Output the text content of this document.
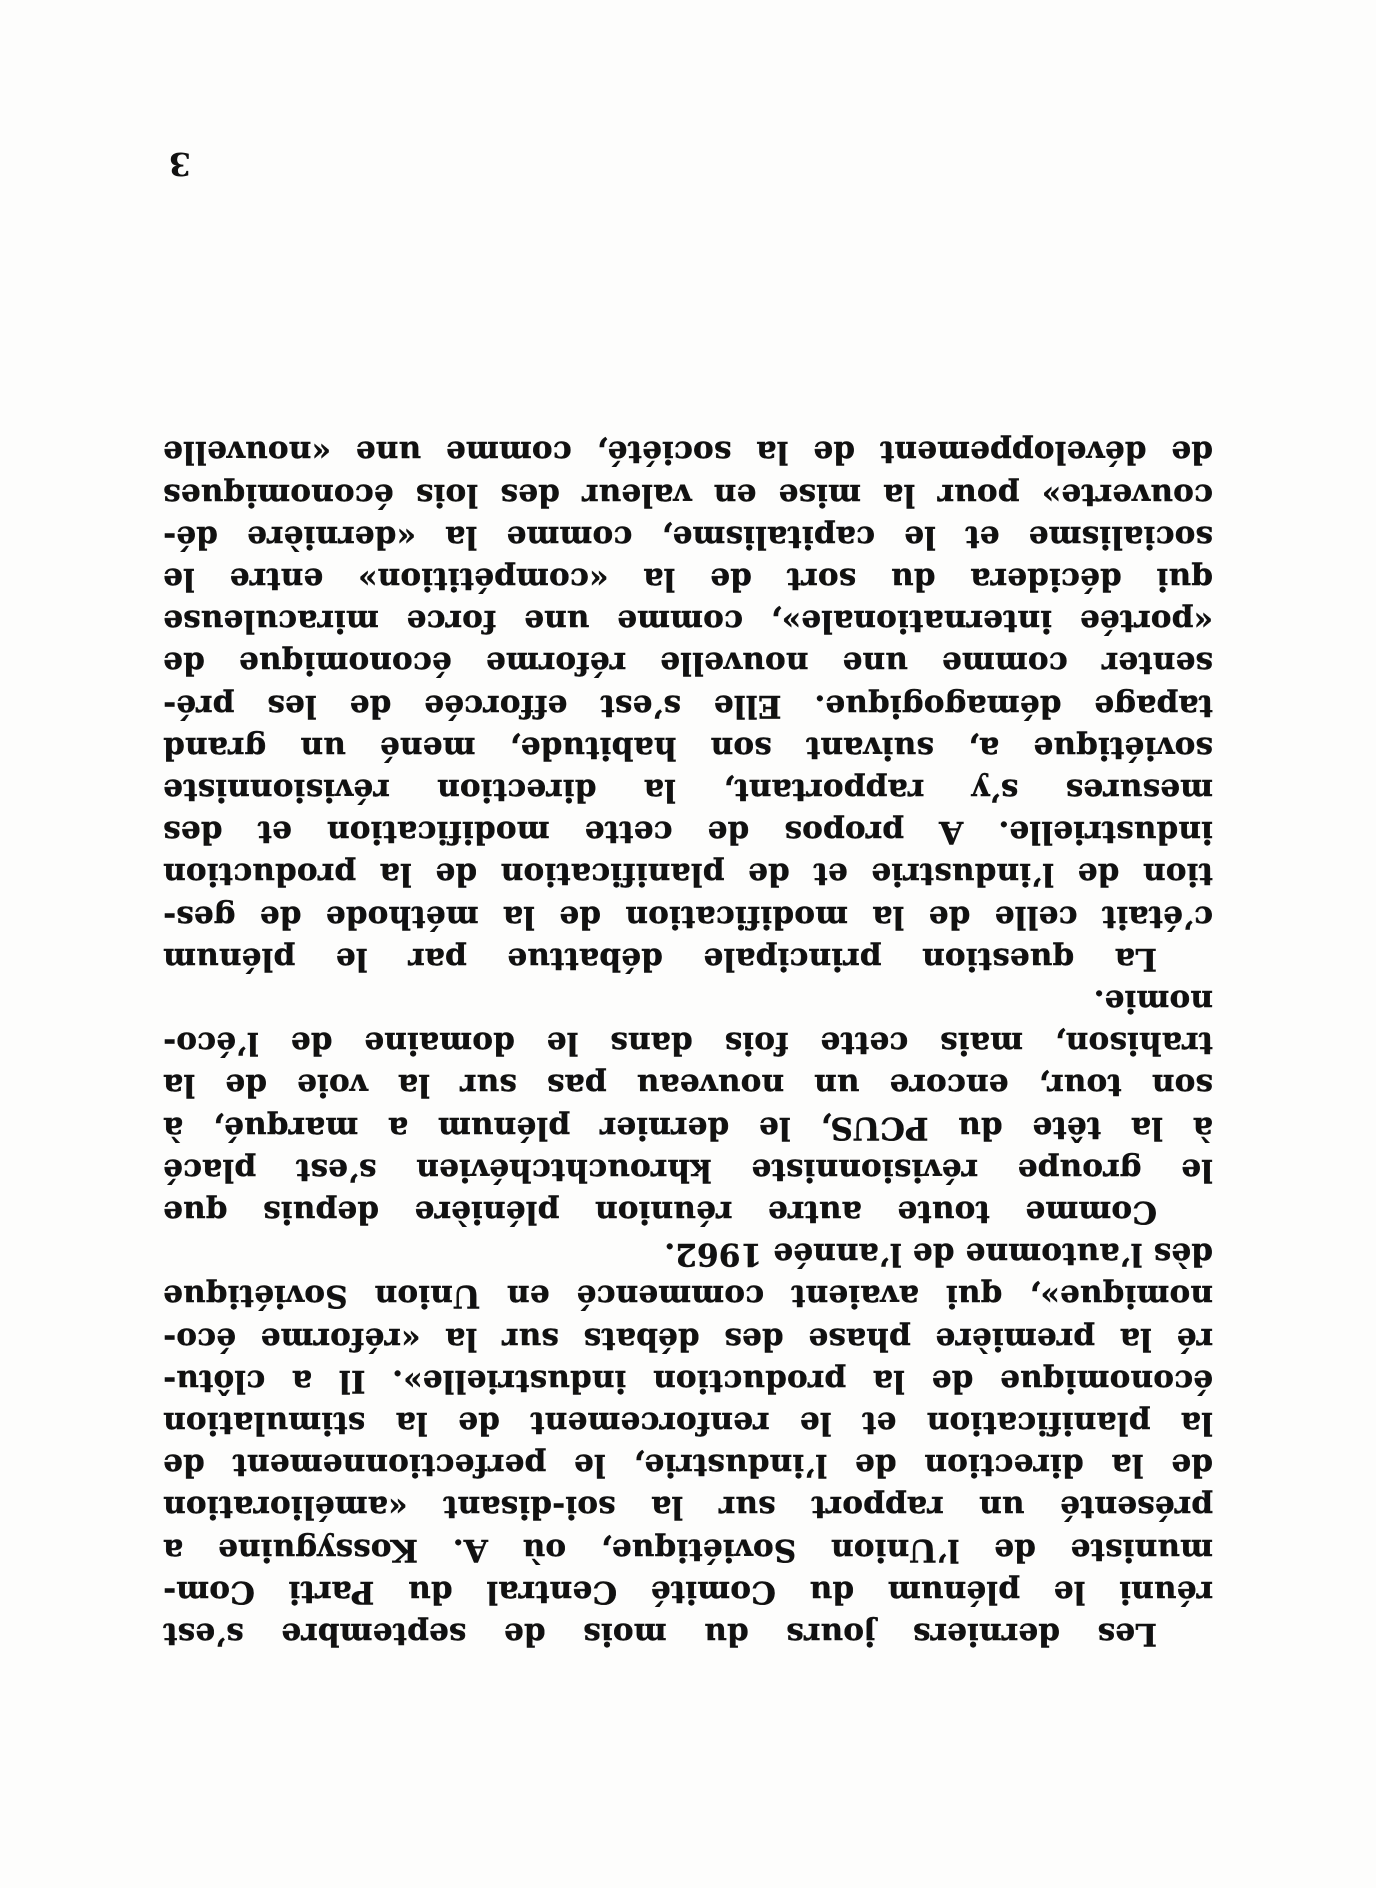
Les derniers jours du mois de septembre s’est
réuni le plénum du Comité Central du Parti Com-
muniste de l’Union Soviétique, où A. Kossyguine a
présenté un rapport sur la soi-disant «amélioration
de la direction de l’industrie, le perfectionnement de
la planification et le renforcement de la stimulation
économique de la production industrielle». Il a clôtu-
ré la première phase des débats sur la «réforme éco-
nomique», qui avaient commencé en Union Soviétique
dès l’automne de l’année 1962.
Comme toute autre réunion plénière depuis que
le groupe révisionniste khrouchtchévien s’est placé
à la tête du PCUS, le dernier plénum a marqué, à
son tour, encore un nouveau pas sur la voie de la
trahison, mais cette fois dans le domaine de l’éco-
nomie.
La question principale débattue par le plénum
c’était celle de la modification de la méthode de ges-
tion de l’industrie et de planification de la production
industrielle. A propos de cette modification et des
mesures s’y rapportant, la direction révisionniste
soviétique a, suivant son habitude, mené un grand
tapage démagogique. Elle s’est efforcée de les pré-
senter comme une nouvelle réforme économique de
«portée internationale», comme une force miraculeuse
qui décidera du sort de la «compétition» entre le
socialisme et le capitalisme, comme la «dernière dé-
couverte» pour la mise en valeur des lois économiques
de développement de la société, comme une «nouvelle
3
